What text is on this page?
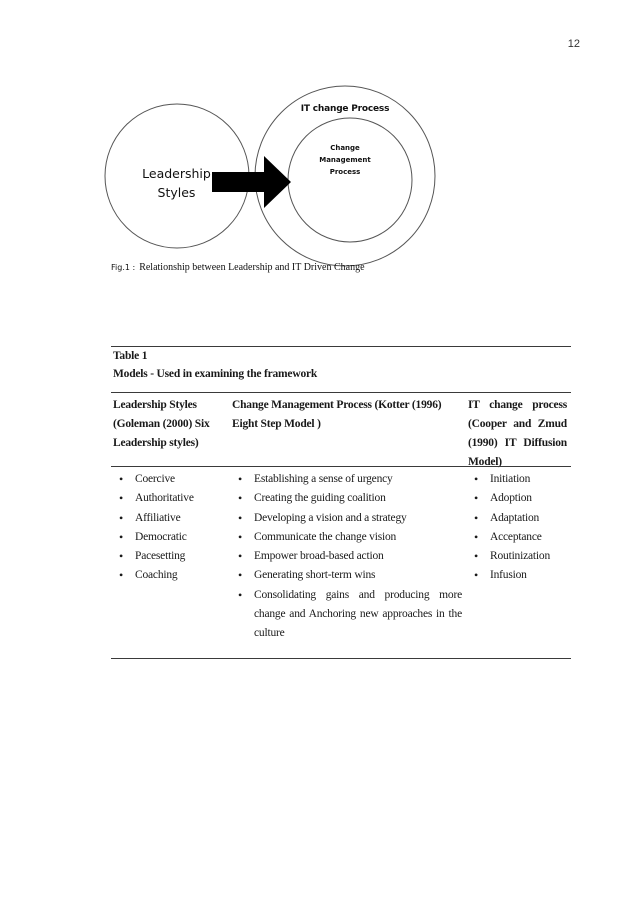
12
Leadership
Styles
IT change Process
Change
Management
Process
Fig.1 : Relationship between Leadership and IT Driven Change
Table 1
Models - Used in examining the framework
Leadership Styles (Goleman (2000) Six Leadership styles)
Change Management Process (Kotter (1996) Eight Step Model )
IT change process (Cooper and Zmud (1990) IT Diffusion Model)
• Coercive
• Authoritative
• Affiliative
• Democratic
• Pacesetting
• Coaching
• Establishing a sense of urgency
• Creating the guiding coalition
• Developing a vision and a strategy
• Communicate the change vision
• Empower broad-based action
• Generating short-term wins
• Consolidating gains and producing more change and Anchoring new approaches in the culture
• Initiation
• Adoption
• Adaptation
• Acceptance
• Routinization
• Infusion
